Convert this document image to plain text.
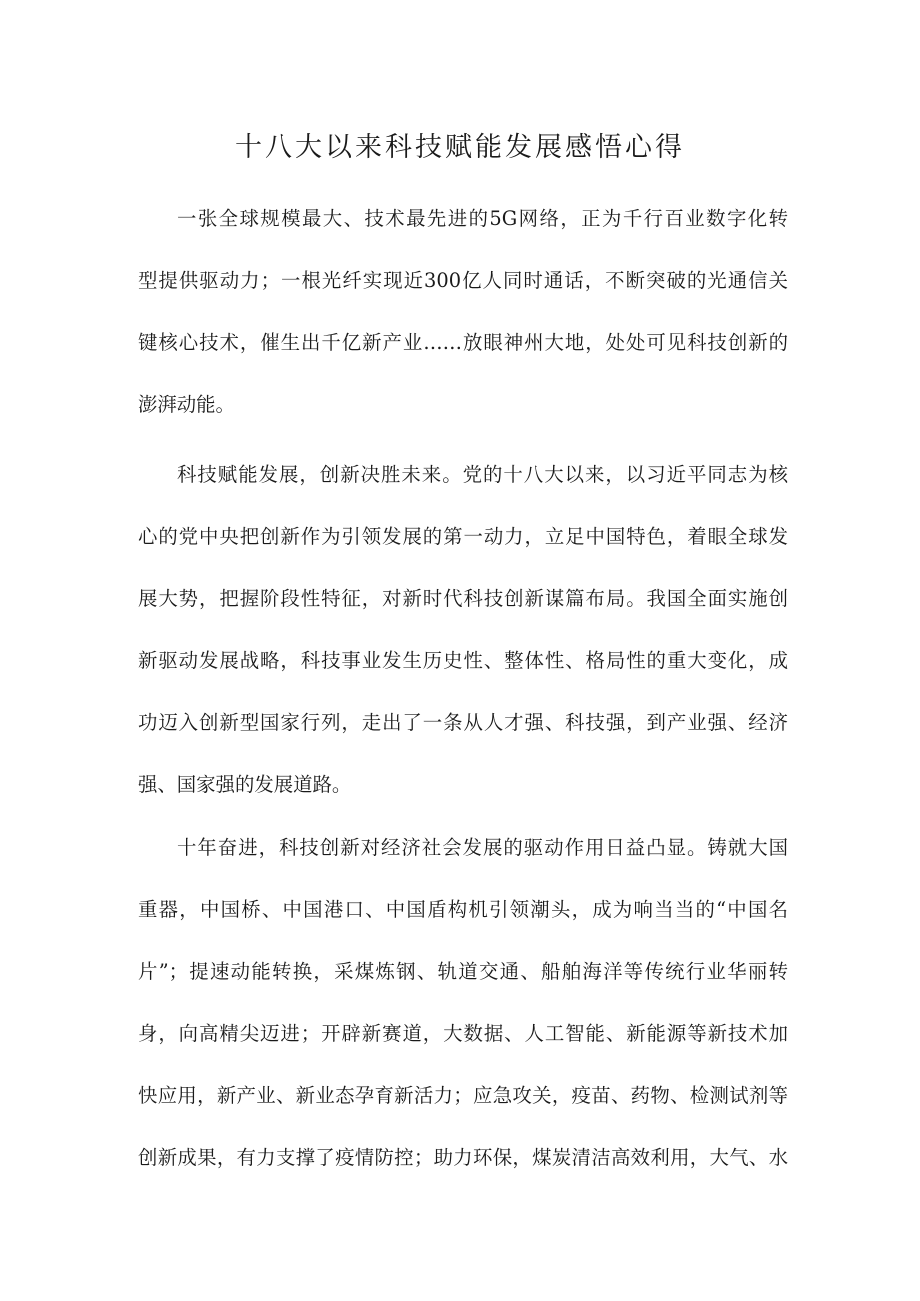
十八大以来科技赋能发展感悟心得
一张全球规模最大、技术最先进的5G网络，正为千行百业数字化转
型提供驱动力；一根光纤实现近300亿人同时通话，不断突破的光通信关
键核心技术，催生出千亿新产业……放眼神州大地，处处可见科技创新的
澎湃动能。
科技赋能发展，创新决胜未来。党的十八大以来，以习近平同志为核
心的党中央把创新作为引领发展的第一动力，立足中国特色，着眼全球发
展大势，把握阶段性特征，对新时代科技创新谋篇布局。我国全面实施创
新驱动发展战略，科技事业发生历史性、整体性、格局性的重大变化，成
功迈入创新型国家行列，走出了一条从人才强、科技强，到产业强、经济
强、国家强的发展道路。
十年奋进，科技创新对经济社会发展的驱动作用日益凸显。铸就大国
重器，中国桥、中国港口、中国盾构机引领潮头，成为响当当的“中国名
片”；提速动能转换，采煤炼钢、轨道交通、船舶海洋等传统行业华丽转
身，向高精尖迈进；开辟新赛道，大数据、人工智能、新能源等新技术加
快应用，新产业、新业态孕育新活力；应急攻关，疫苗、药物、检测试剂等
创新成果，有力支撑了疫情防控；助力环保，煤炭清洁高效利用，大气、水
